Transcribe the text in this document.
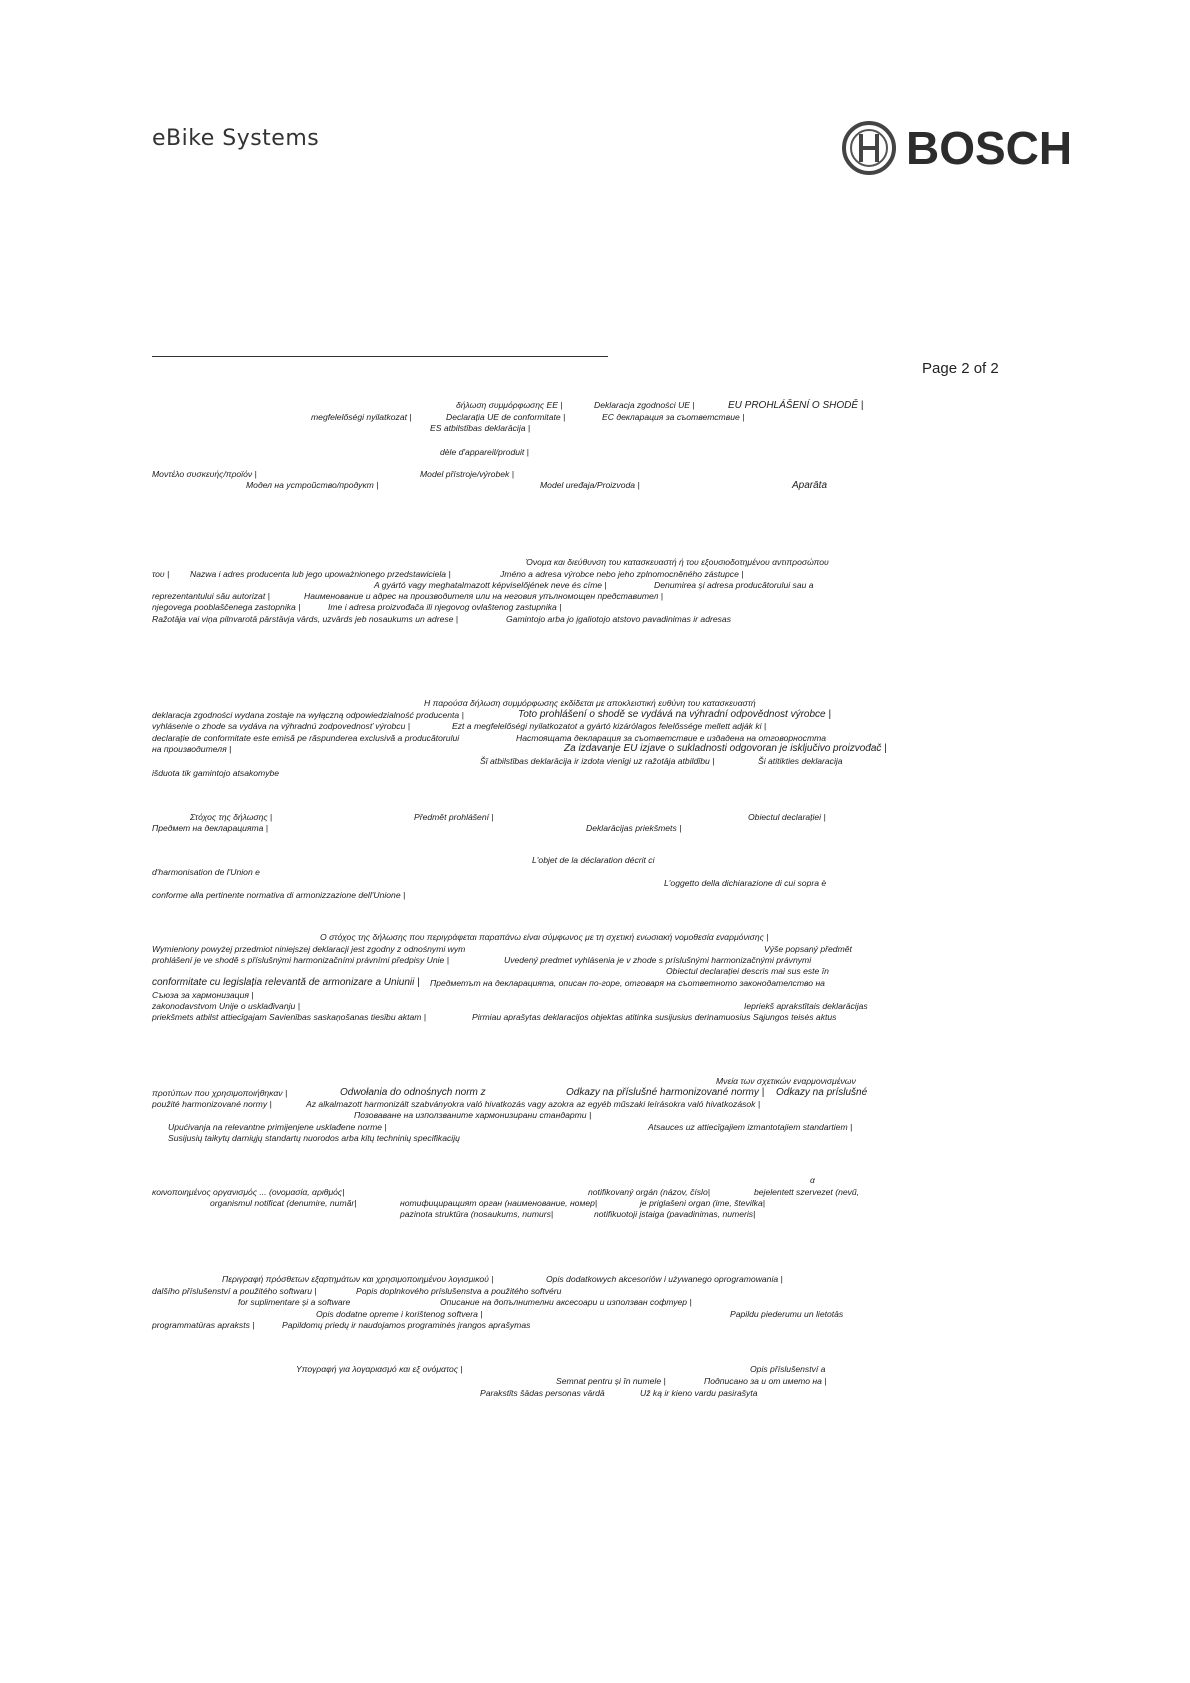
eBike Systems	BOSCH
Page 2 of 2
δήλωση συμμόρφωσης ΕΕ |	Deklaracja zgodności UE |	EU PROHLÁŠENÍ O SHODĚ |
megfelelőségi nyilatkozat |	Declarația UE de conformitate |	ЕС декларация за съответствие |
ES atbilstības deklarācija |
dèle d'appareil/produit |
Μοντέλο συσκευής/προϊόν |	Model přístroje/výrobek |
Модел на устройство/продукт |	Model uređaja/Proizvoda |	Aparāta
Όνομα και διεύθυνση του κατασκευαστή ή του εξουσιοδοτημένου αντιπροσώπου
του | Nazwa i adres producenta lub jego upoważnionego przedstawiciela |	Jméno a adresa výrobce nebo jeho zplnomocněného zástupce |
A gyártó vagy meghatalmazott képviselőjének neve és címe |	Denumirea și adresa producătorului sau a
reprezentantului său autorizat |	Наименование и адрес на производителя или на неговия упълномощен представител |
njegovega pooblaščenega zastopnika |	Ime i adresa proizvođača ili njegovog ovlaštenog zastupnika |
Ražotāja vai viņa pilnvarotā pārstāvja vārds, uzvārds jeb nosaukums un adrese |	Gamintojo arba jo įgaliotojo atstovo pavadinimas ir adresas
Η παρούσα δήλωση συμμόρφωσης εκδίδεται με αποκλειστική ευθύνη του κατασκευαστή
deklaracja zgodności wydana zostaje na wyłączną odpowiedzialność producenta |	Toto prohlášení o shodě se vydává na výhradní odpovědnost výrobce |
vyhlásenie o zhode sa vydáva na výhradnú zodpovednosť výrobcu |	Ezt a megfelelőségi nyilatkozatot a gyártó kizárólagos felelőssége mellett adják ki |
declarație de conformitate este emisă pe răspunderea exclusivă a producătorului	Настоящата декларация за съответствие е издадена на отговорността
на производителя |	Za izdavanje EU izjave o sukladnosti odgovoran je isključivo proizvođač |
Šī atbilstības deklarācija ir izdota vienīgi uz ražotāja atbildību |	Ši atitikties deklaracija
išduota tik gamintojo atsakomybe
Στόχος της δήλωσης |	Předmět prohlášení |	Obiectul declarației |
Предмет на декларацията |	Deklarācijas priekšmets |
L'objet de la déclaration décrit ci
d'harmonisation de l'Union e
L'oggetto della dichiarazione di cui sopra è
conforme alla pertinente normativa di armonizzazione dell'Unione |
Ο στόχος της δήλωσης που περιγράφεται παραπάνω είναι σύμφωνος με τη σχετική ενωσιακή νομοθεσία εναρμόνισης |
Wymieniony powyżej przedmiot niniejszej deklaracji jest zgodny z odnośnymi wym	Výše popsaný předmět
prohlášení je ve shodě s příslušnými harmonizačními právními předpisy Unie |	Uvedený predmet vyhlásenia je v zhode s príslušnými harmonizačnými právnymi
Obiectul declarației descris mai sus este în
conformitate cu legislația relevantă de armonizare a Uniunii | Предметът на декларацията, описан по-горе, отговаря на съответното законодателство на
Съюза за хармонизация |
zakonodavstvom Unije o usklađivanju |	Iepriekš aprakstītais deklarācijas
priekšmets atbilst attiecīgajam Savienības saskaņošanas tiesību aktam |	Pirmiau aprašytas deklaracijos objektas atitinka susijusius derinamuosius Sąjungos teisės aktus
Μνεία των σχετικών εναρμονισμένων
προτύπων που χρησιμοποιήθηκαν |	Odwołania do odnośnych norm z	Odkazy na příslušné harmonizované normy | Odkazy na príslušné
použité harmonizované normy |	Az alkalmazott harmonizált szabványokra való hivatkozás vagy azokra az egyéb műszaki leírásokra való hivatkozások |
Позоваване на използваните хармонизирани стандарти |
Upućivanja na relevantne primijenjene usklađene norme |	Atsauces uz attiecīgajiem izmantotajiem standartiem |
Susijusių taikytų darniųjų standartų nuorodos arba kitų techninių specifikacijų
α
κοινοποιημένος οργανισμός ... (ονομασία, αριθμός|	notifikovaný orgán (názov, číslo|	bejelentett szervezet (nevű,
organismul notificat (denumire, număr|	нотифициращият орган (наименование, номер|	je priglašeni organ (ime, številka|
pazinota struktūra (nosaukums, numurs|	notifikuotoji įstaiga (pavadinimas, numeris|
Περιγραφή πρόσθετων εξαρτημάτων και χρησιμοποιημένου λογισμικού |	Opis dodatkowych akcesoriów i używanego oprogramowania |
dalšího příslušenství a použitého softwaru |	Popis doplnkového príslušenstva a použitého softvéru
for suplimentare și a software	Описание на допълнителни аксесоари и използван софтуер |
Opis dodatne opreme i korištenog softvera |	Papildu piederumu un lietotās
programmatūras apraksts |	Papildomų priedų ir naudojamos programinės įrangos aprašymas
Υπογραφή για λογαριασμό και εξ ονόματος |	Opis příslušenství a
Semnat pentru și în numele |	Подписано за и от името на |
Parakstīts šādas personas vārdā	Už ką ir kieno vardu pasirašyta
